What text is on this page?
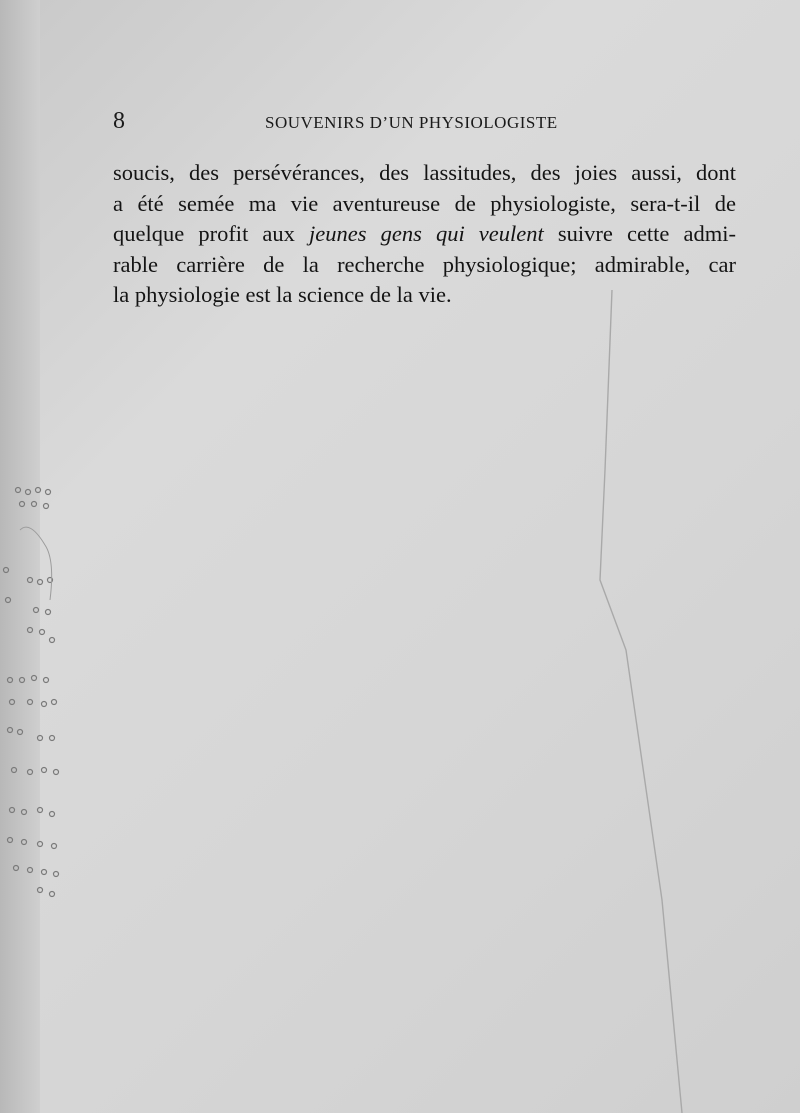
8	SOUVENIRS D’UN PHYSIOLOGISTE
soucis, des persévérances, des lassitudes, des joies aussi, dont
a été semée ma vie aventureuse de physiologiste, sera-t-il de
quelque profit aux jeunes gens qui veulent suivre cette admi-
rable carrière de la recherche physiologique; admirable, car
la physiologie est la science de la vie.
